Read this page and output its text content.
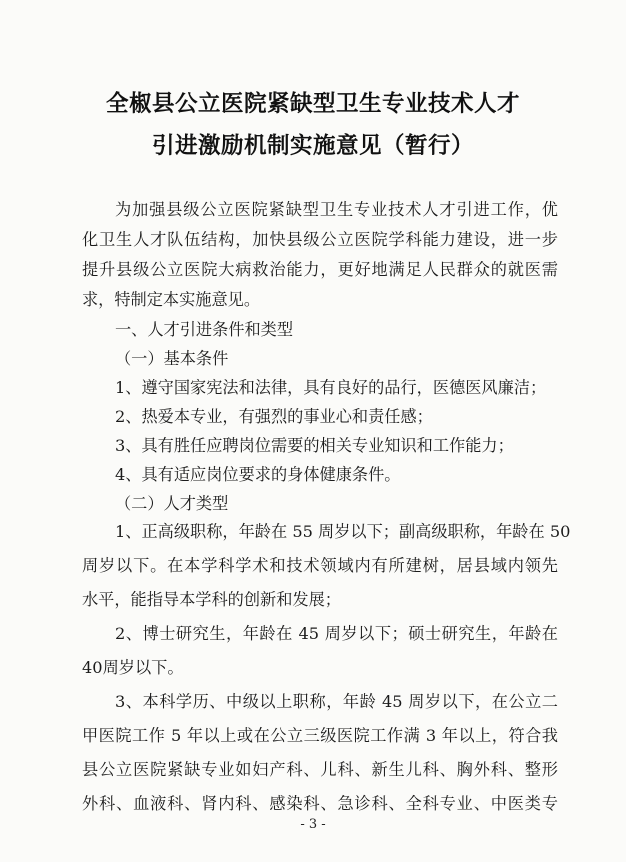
全椒县公立医院紧缺型卫生专业技术人才
引进激励机制实施意见（暂行）
为加强县级公立医院紧缺型卫生专业技术人才引进工作，优
化卫生人才队伍结构，加快县级公立医院学科能力建设，进一步
提升县级公立医院大病救治能力，更好地满足人民群众的就医需
求，特制定本实施意见。
一、人才引进条件和类型
（一）基本条件
1、遵守国家宪法和法律，具有良好的品行，医德医风廉洁；
2、热爱本专业，有强烈的事业心和责任感；
3、具有胜任应聘岗位需要的相关专业知识和工作能力；
4、具有适应岗位要求的身体健康条件。
（二）人才类型
1、正高级职称，年龄在 55 周岁以下；副高级职称，年龄在 50
周岁以下。在本学科学术和技术领域内有所建树，居县域内领先
水平，能指导本学科的创新和发展；
2、博士研究生，年龄在 45 周岁以下；硕士研究生，年龄在
40周岁以下。
3、本科学历、中级以上职称，年龄 45 周岁以下，在公立二
甲医院工作 5 年以上或在公立三级医院工作满 3 年以上，符合我
县公立医院紧缺专业如妇产科、儿科、新生儿科、胸外科、整形
- 3 -
外科、血液科、肾内科、感染科、急诊科、全科专业、中医类专
